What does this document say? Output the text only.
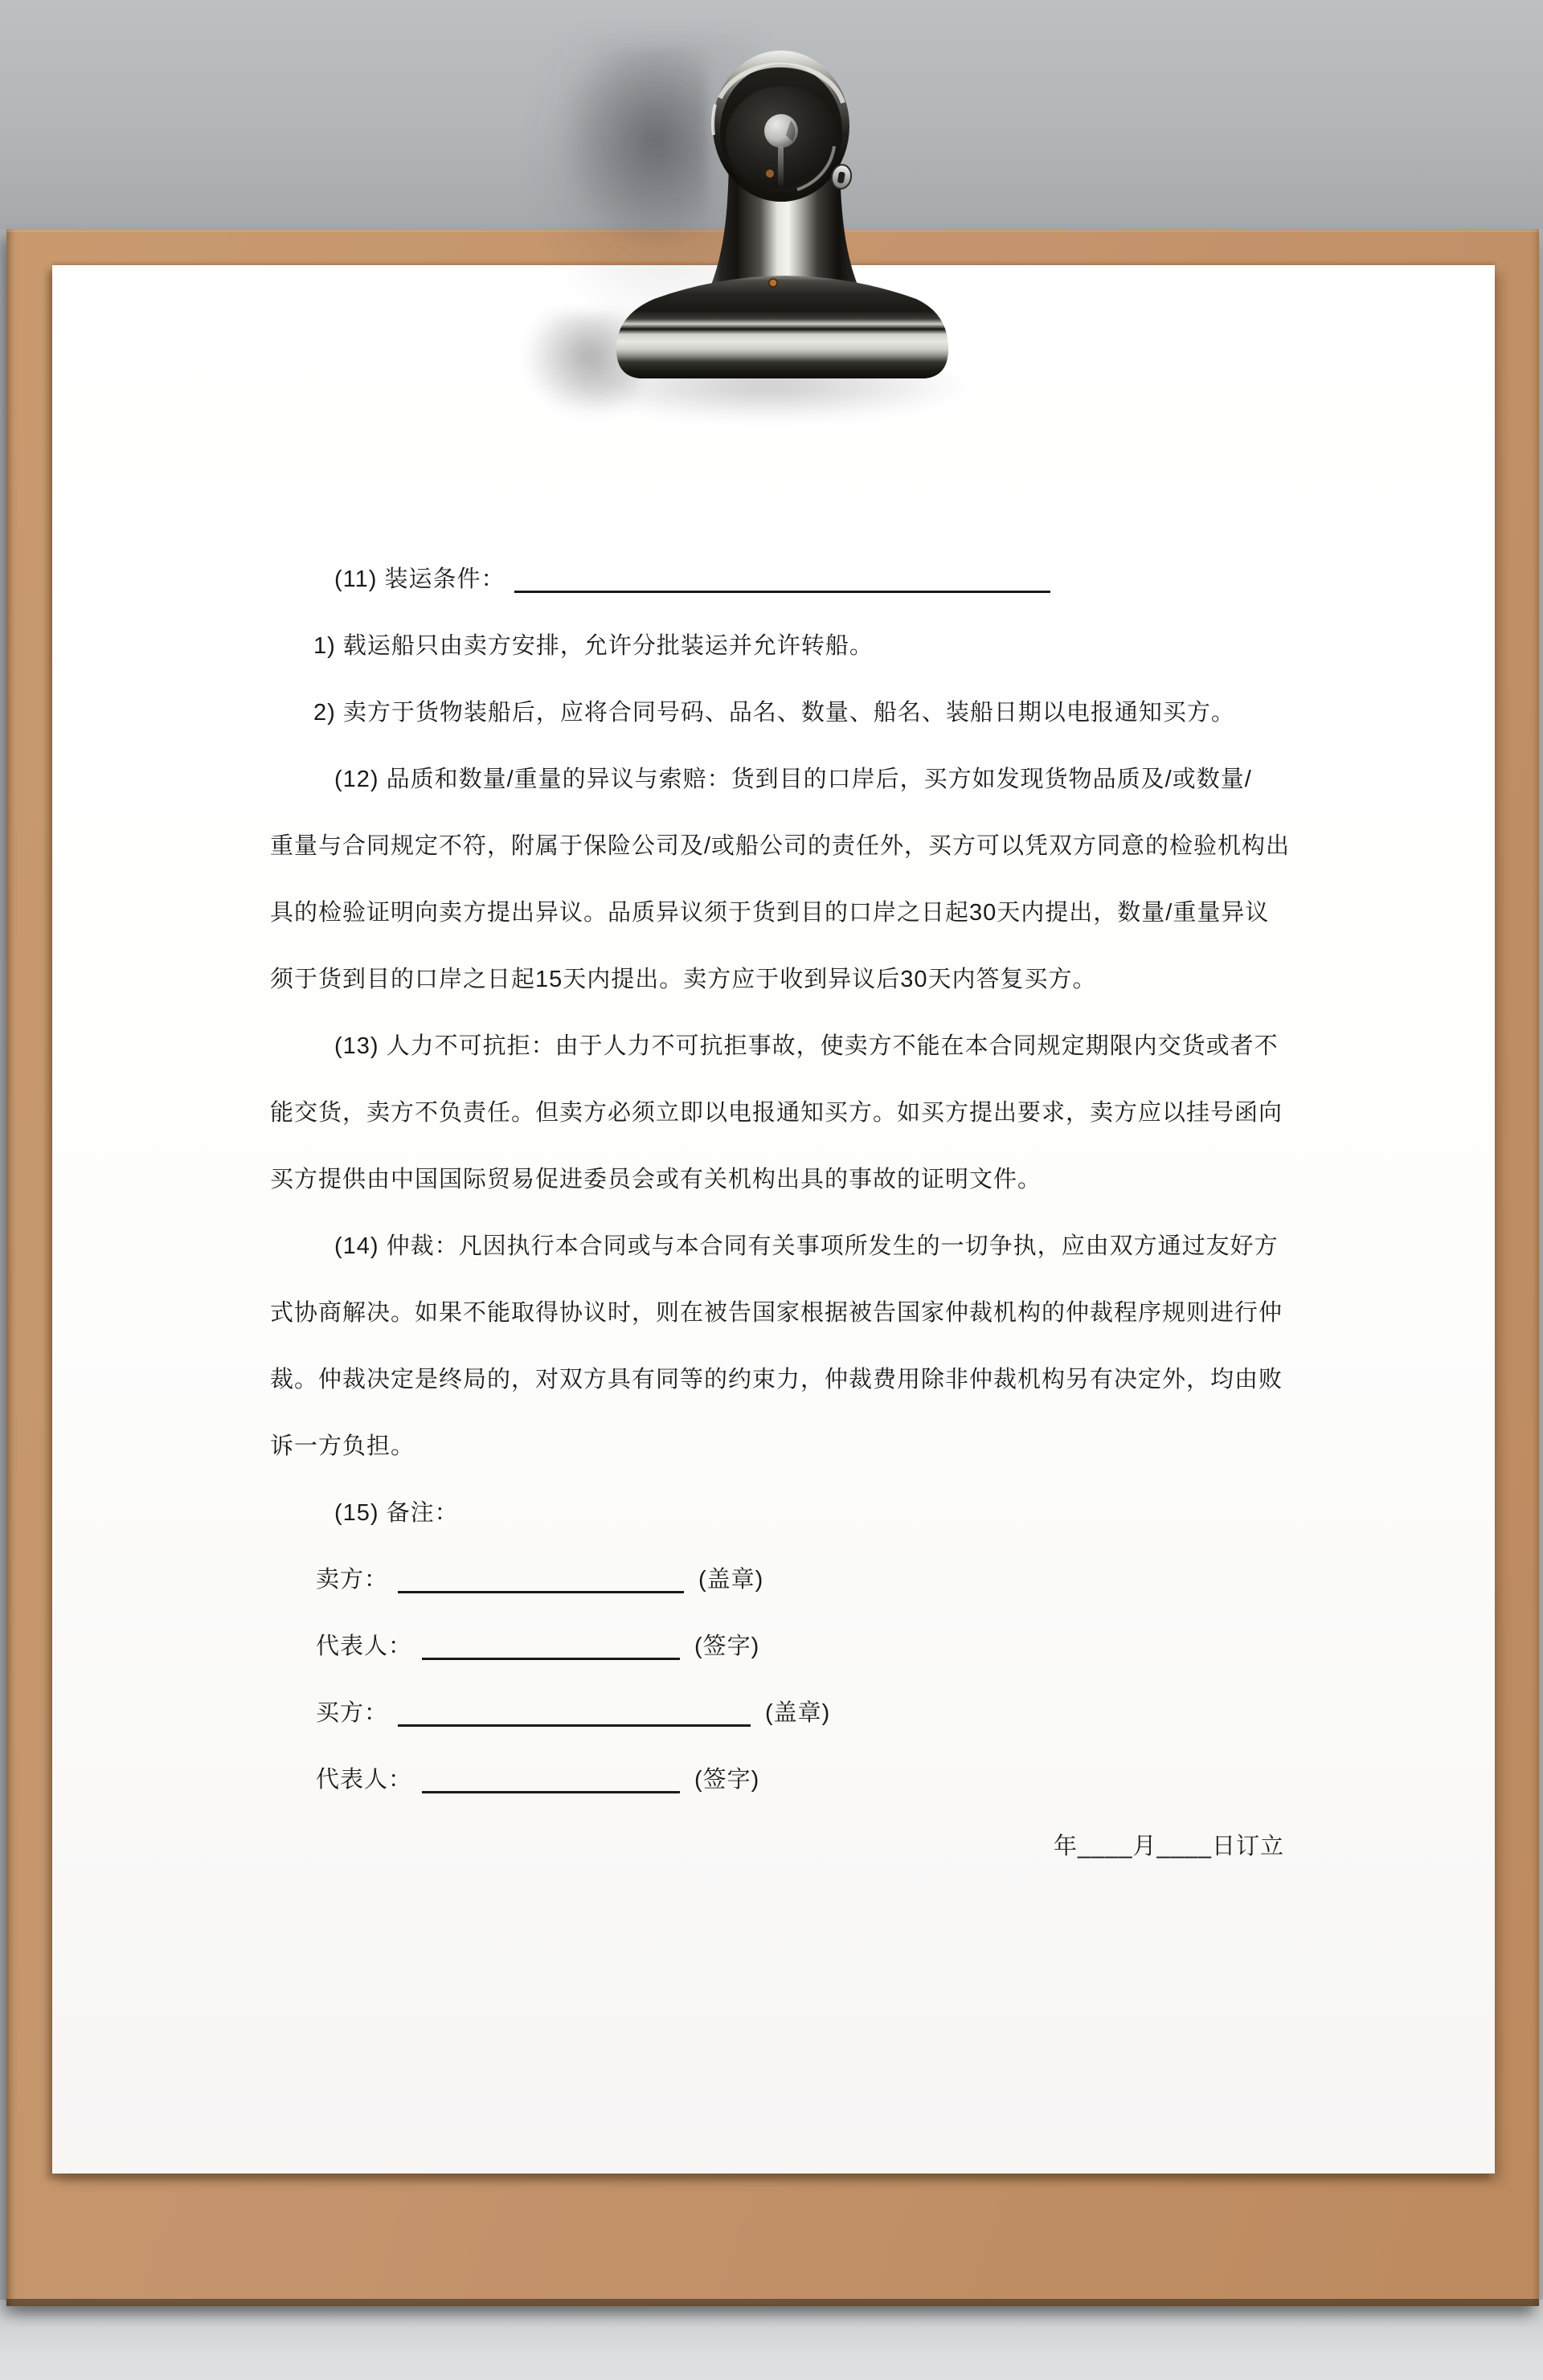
(11) 装运条件：
1) 载运船只由卖方安排，允许分批装运并允许转船。
2) 卖方于货物装船后，应将合同号码、品名、数量、船名、装船日期以电报通知买方。
(12) 品质和数量/重量的异议与索赔：货到目的口岸后，买方如发现货物品质及/或数量/
重量与合同规定不符，附属于保险公司及/或船公司的责任外，买方可以凭双方同意的检验机构出
具的检验证明向卖方提出异议。品质异议须于货到目的口岸之日起30天内提出，数量/重量异议
须于货到目的口岸之日起15天内提出。卖方应于收到异议后30天内答复买方。
(13) 人力不可抗拒：由于人力不可抗拒事故，使卖方不能在本合同规定期限内交货或者不
能交货，卖方不负责任。但卖方必须立即以电报通知买方。如买方提出要求，卖方应以挂号函向
买方提供由中国国际贸易促进委员会或有关机构出具的事故的证明文件。
(14) 仲裁：凡因执行本合同或与本合同有关事项所发生的一切争执，应由双方通过友好方
式协商解决。如果不能取得协议时，则在被告国家根据被告国家仲裁机构的仲裁程序规则进行仲
裁。仲裁决定是终局的，对双方具有同等的约束力，仲裁费用除非仲裁机构另有决定外，均由败
诉一方负担。
(15) 备注：
卖方：	(盖章)
代表人：	(签字)
买方：	(盖章)
代表人：	(签字)
年____月____日订立
